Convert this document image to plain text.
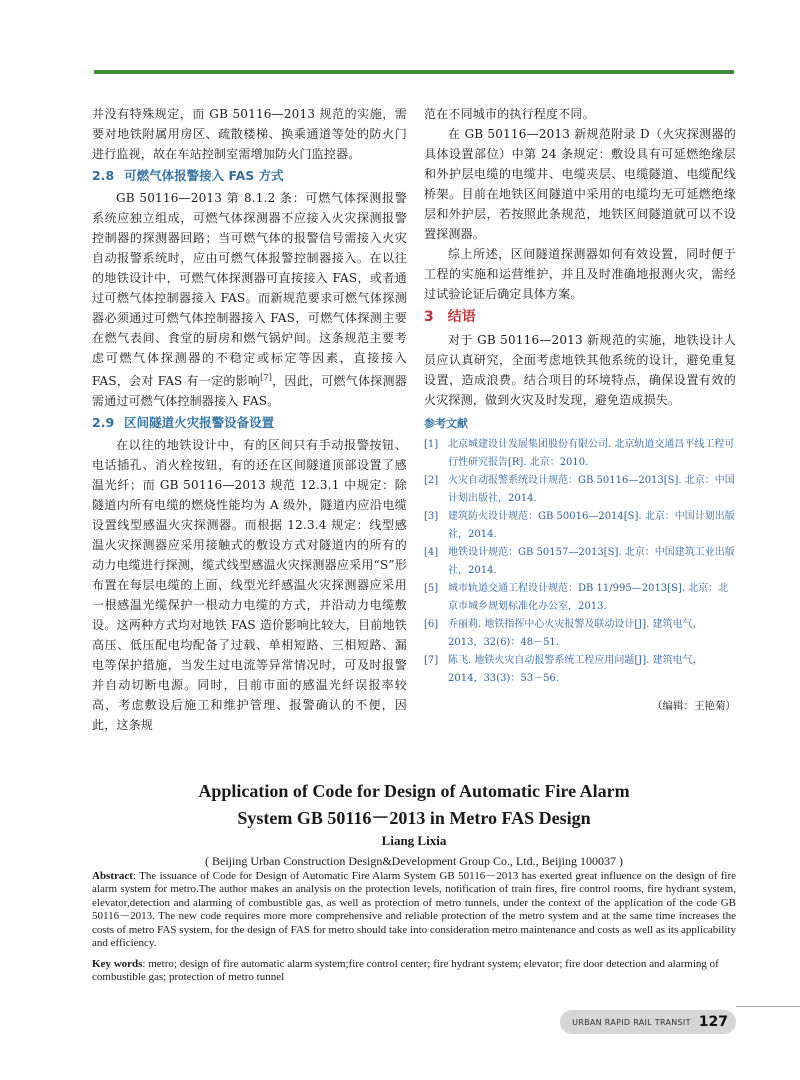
并没有特殊规定，而 GB 50116—2013 规范的实施，需要对地铁附属用房区、疏散楼梯、换乘通道等处的防火门进行监视，故在车站控制室需增加防火门监控器。

2.8 可燃气体报警接入 FAS 方式

GB 50116—2013 第 8.1.2 条：可燃气体探测报警系统应独立组成，可燃气体探测器不应接入火灾探测报警控制器的探测器回路；当可燃气体的报警信号需接入火灾自动报警系统时，应由可燃气体报警控制器接入。在以往的地铁设计中，可燃气体探测器可直接接入 FAS，或者通过可燃气体控制器接入 FAS。而新规范要求可燃气体探测器必须通过可燃气体控制器接入 FAS，可燃气体探测主要在燃气表间、食堂的厨房和燃气锅炉间。这条规范主要考虑可燃气体探测器的不稳定或标定等因素，直接接入 FAS，会对 FAS 有一定的影响[7]，因此，可燃气体探测器需通过可燃气体控制器接入 FAS。

2.9 区间隧道火灾报警设备设置

在以往的地铁设计中，有的区间只有手动报警按钮、电话插孔、消火栓按钮，有的还在区间隧道顶部设置了感温光纤；而 GB 50116—2013 规范 12.3.1 中规定：除隧道内所有电缆的燃烧性能均为 A 级外，隧道内应沿电缆设置线型感温火灾探测器。而根据 12.3.4 规定：线型感温火灾探测器应采用接触式的敷设方式对隧道内的所有的动力电缆进行探测，缆式线型感温火灾探测器应采用“S”形布置在每层电缆的上面，线型光纤感温火灾探测器应采用一根感温光缆保护一根动力电缆的方式，并沿动力电缆敷设。这两种方式均对地铁 FAS 造价影响比较大，目前地铁高压、低压配电均配备了过载、单相短路、三相短路、漏电等保护措施，当发生过电流等异常情况时，可及时报警并自动切断电源。同时，目前市面的感温光纤误报率较高，考虑敷设后施工和维护管理、报警确认的不便，因此，这条规

范在不同城市的执行程度不同。

在 GB 50116—2013 新规范附录 D（火灾探测器的具体设置部位）中第 24 条规定：敷设具有可延燃绝缘层和外护层电缆的电缆井、电缆夹层、电缆隧道、电缆配线桥架。目前在地铁区间隧道中采用的电缆均无可延燃绝缘层和外护层，若按照此条规范，地铁区间隧道就可以不设置探测器。

综上所述，区间隧道探测器如何有效设置，同时便于工程的实施和运营维护，并且及时准确地报测火灾，需经过试验论证后确定具体方案。

3 结语

对于 GB 50116—2013 新规范的实施，地铁设计人员应认真研究，全面考虑地铁其他系统的设计，避免重复设置，造成浪费。结合项目的环境特点，确保设置有效的火灾探测，做到火灾及时发现，避免造成损失。

参考文献
[1] 北京城建设计发展集团股份有限公司. 北京轨道交通昌平线工程可行性研究报告[R]. 北京：2010.
[2] 火灾自动报警系统设计规范：GB 50116—2013[S]. 北京：中国计划出版社，2014.
[3] 建筑防火设计规范：GB 50016—2014[S]. 北京：中国计划出版社，2014.
[4] 地铁设计规范：GB 50157—2013[S]. 北京：中国建筑工业出版社，2014.
[5] 城市轨道交通工程设计规范：DB 11/995—2013[S]. 北京：北京市城乡规划标准化办公室，2013.
[6] 乔丽莉. 地铁指挥中心火灾报警及联动设计[J]. 建筑电气，2013，32(6)：48－51.
[7] 陈飞. 地铁火灾自动报警系统工程应用问题[J]. 建筑电气，2014，33(3)：53－56.
（编辑：王艳菊）
Application of Code for Design of Automatic Fire Alarm
System GB 50116－2013 in Metro FAS Design
Liang Lixia
( Beijing Urban Construction Design&Development Group Co., Ltd., Beijing 100037 )

Abstract: The issuance of Code for Design of Automatic Fire Alarm System GB 50116－2013 has exerted great influence on the design of fire alarm system for metro.The author makes an analysis on the protection levels, notification of train fires, fire control rooms, fire hydrant system, elevator,detection and alarming of combustible gas, as well as protection of metro tunnels, under the context of the application of the code GB 50116－2013. The new code requires more more comprehensive and reliable protection of the metro system and at the same time increases the costs of metro FAS system, for the design of FAS for metro should take into consideration metro maintenance and costs as well as its applicability and efficiency.

Key words: metro; design of fire automatic alarm system;fire control center; fire hydrant system; elevator; fire door detection and alarming of combustible gas; protection of metro tunnel

URBAN RAPID RAIL TRANSIT 127
